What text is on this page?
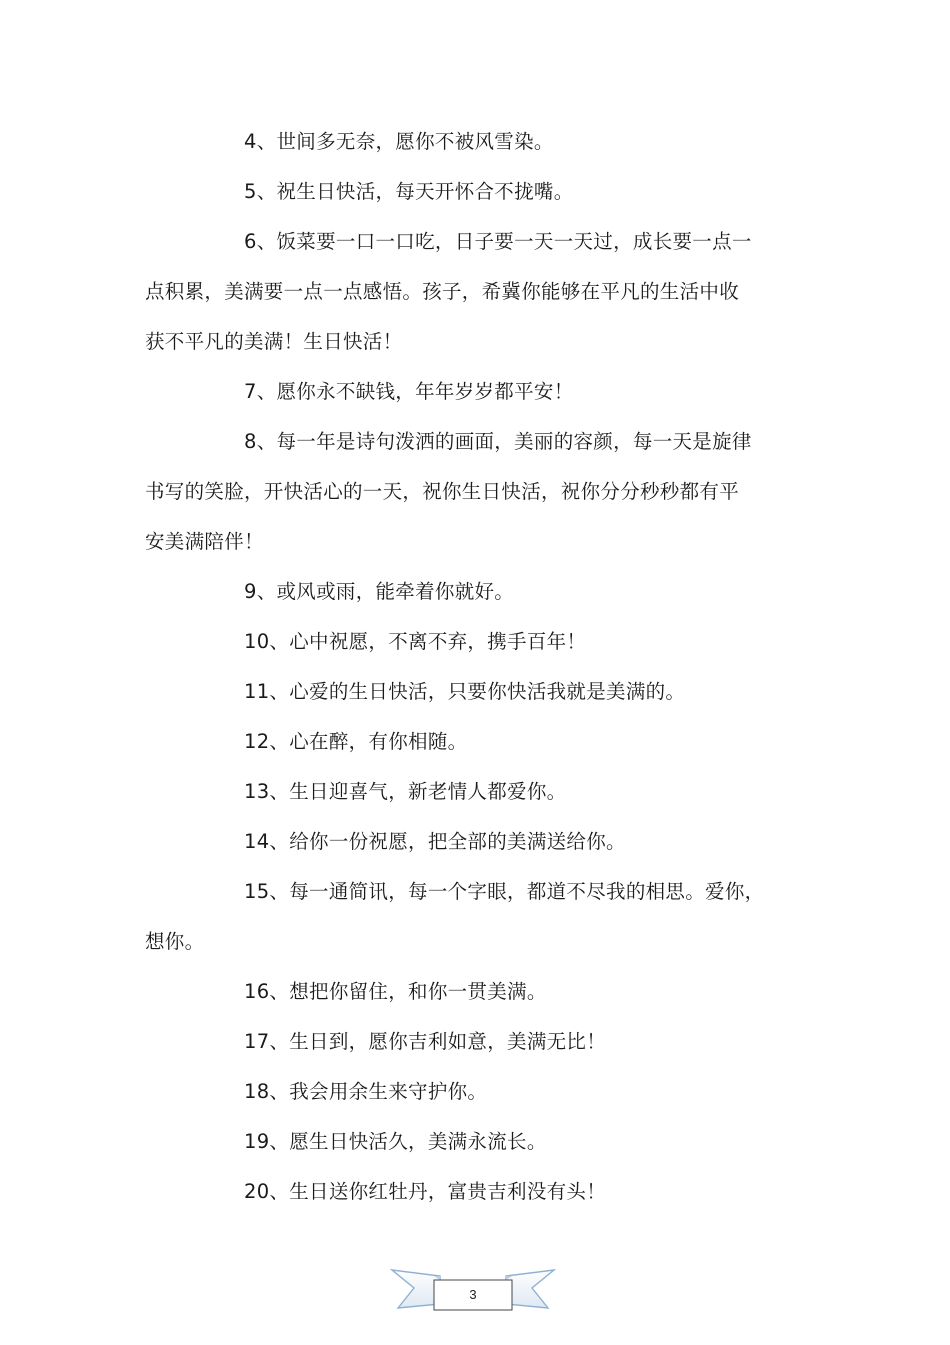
4、世间多无奈，愿你不被风雪染。
5、祝生日快活，每天开怀合不拢嘴。
6、饭菜要一口一口吃，日子要一天一天过，成长要一点一
点积累，美满要一点一点感悟。孩子，希冀你能够在平凡的生活中收
获不平凡的美满！生日快活！
7、愿你永不缺钱，年年岁岁都平安！
8、每一年是诗句泼洒的画面，美丽的容颜，每一天是旋律
书写的笑脸，开快活心的一天，祝你生日快活，祝你分分秒秒都有平
安美满陪伴！
9、或风或雨，能牵着你就好。
10、心中祝愿，不离不弃，携手百年！
11、心爱的生日快活，只要你快活我就是美满的。
12、心在醉，有你相随。
13、生日迎喜气，新老情人都爱你。
14、给你一份祝愿，把全部的美满送给你。
15、每一通简讯，每一个字眼，都道不尽我的相思。爱你，
想你。
16、想把你留住，和你一贯美满。
17、生日到，愿你吉利如意，美满无比！
18、我会用余生来守护你。
19、愿生日快活久，美满永流长。
20、生日送你红牡丹，富贵吉利没有头！
3
